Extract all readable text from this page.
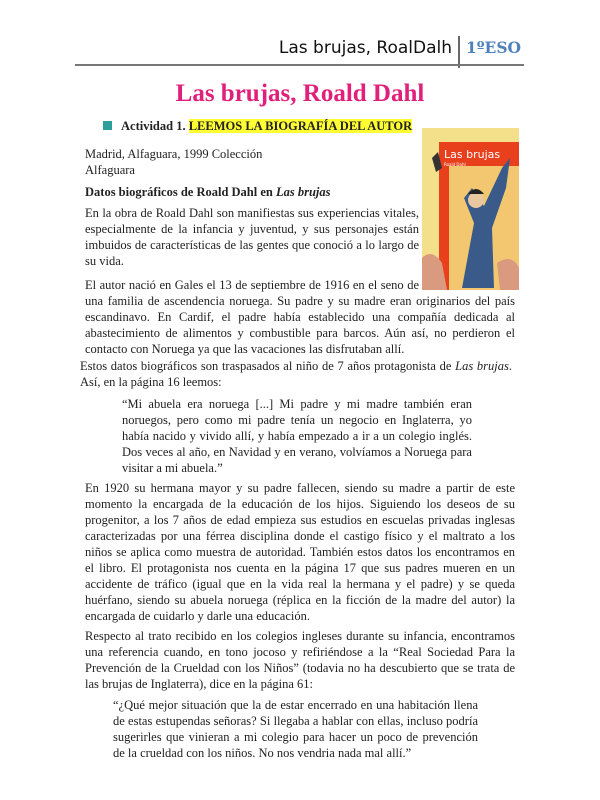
Las brujas, RoalDalh 1ºESO
Las brujas, Roald Dahl
Actividad 1. LEEMOS LA BIOGRAFÍA DEL AUTOR
Las brujas
Roald Dahl
Madrid, Alfaguara, 1999 Colección
Alfaguara
Datos biográficos de Roald Dahl en Las brujas

En la obra de Roald Dahl son manifiestas sus experiencias vitales, especialmente de la infancia y juventud, y sus personajes están imbuidos de características de las gentes que conoció a lo largo de su vida.

El autor nació en Gales el 13 de septiembre de 1916 en el seno de una familia de ascendencia noruega. Su padre y su madre eran originarios del país escandinavo. En Cardif, el padre había establecido una compañía dedicada al abastecimiento de alimentos y combustible para barcos. Aún así, no perdieron el contacto con Noruega ya que las vacaciones las disfrutaban allí.

Estos datos biográficos son traspasados al niño de 7 años protagonista de Las brujas. Así, en la página 16 leemos:
“Mi abuela era noruega [...] Mi padre y mi madre también eran noruegos, pero como mi padre tenía un negocio en Inglaterra, yo había nacido y vivido allí, y había empezado a ir a un colegio inglés. Dos veces al año, en Navidad y en verano, volvíamos a Noruega para visitar a mi abuela.”
En 1920 su hermana mayor y su padre fallecen, siendo su madre a partir de este momento la encargada de la educación de los hijos. Siguiendo los deseos de su progenitor, a los 7 años de edad empieza sus estudios en escuelas privadas inglesas caracterizadas por una férrea disciplina donde el castigo físico y el maltrato a los niños se aplica como muestra de autoridad. También estos datos los encontramos en el libro. El protagonista nos cuenta en la página 17 que sus padres mueren en un accidente de tráfico (igual que en la vida real la hermana y el padre) y se queda huérfano, siendo su abuela noruega (réplica en la ficción de la madre del autor) la encargada de cuidarlo y darle una educación.
Respecto al trato recibido en los colegios ingleses durante su infancia, encontramos una referencia cuando, en tono jocoso y refiriéndose a la “Real Sociedad Para la Prevención de la Crueldad con los Niños” (todavia no ha descubierto que se trata de las brujas de Inglaterra), dice en la página 61:
“¿Qué mejor situación que la de estar encerrado en una habitación llena de estas estupendas señoras? Si llegaba a hablar con ellas, incluso podría sugerirles que vinieran a mi colegio para hacer un poco de prevención de la crueldad con los niños. No nos vendria nada mal allí.”
